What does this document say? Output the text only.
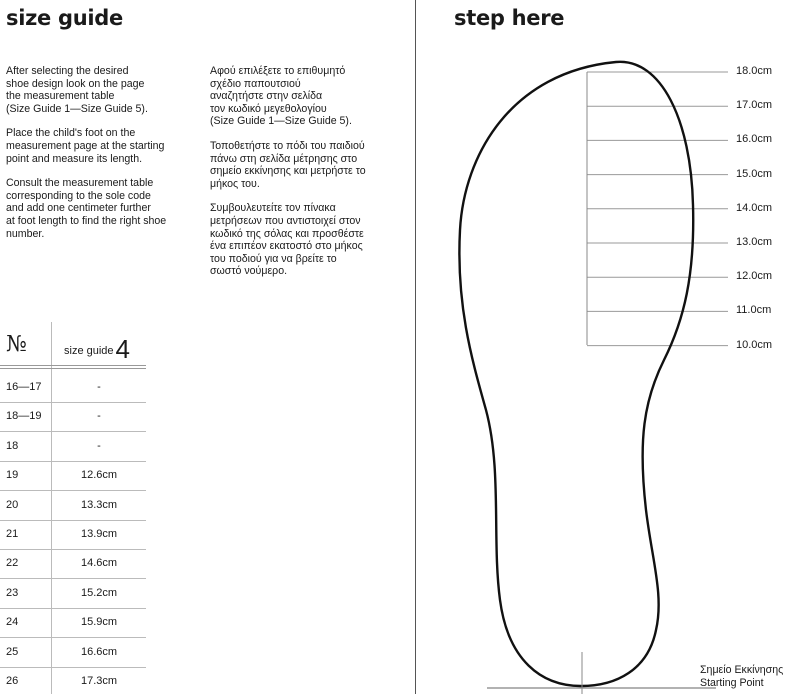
size guide

After selecting the desired
shoe design look on the page
the measurement table
(Size Guide 1—Size Guide 5).

Place the child's foot on the
measurement page at the starting
point and measure its length.

Consult the measurement table
corresponding to the sole code
and add one centimeter further
at foot length to find the right shoe
number.

Αφού επιλέξετε το επιθυμητό
σχέδιο παπουτσιού
αναζητήστε στην σελίδα
τον κωδικό μεγεθολογίου
(Size Guide 1—Size Guide 5).

Τοποθετήστε το πόδι του παιδιού
πάνω στη σελίδα μέτρησης στο
σημείο εκκίνησης και μετρήστε το
μήκος του.

Συμβουλευτείτε τον πίνακα
μετρήσεων που αντιστοιχεί στον
κωδικό της σόλας και προσθέστε
ένα επιπέον εκατοστό στο μήκος
του ποδιού για να βρείτε το
σωστό νούμερο.

№	size guide4
16—17	-
18—19	-
18	-
19	12.6cm
20	13.3cm
21	13.9cm
22	14.6cm
23	15.2cm
24	15.9cm
25	16.6cm
26	17.3cm
step here
18.0cm
17.0cm
16.0cm
15.0cm
14.0cm
13.0cm
12.0cm
11.0cm
10.0cm
Σημείο Εκκίνησης
Starting Point
